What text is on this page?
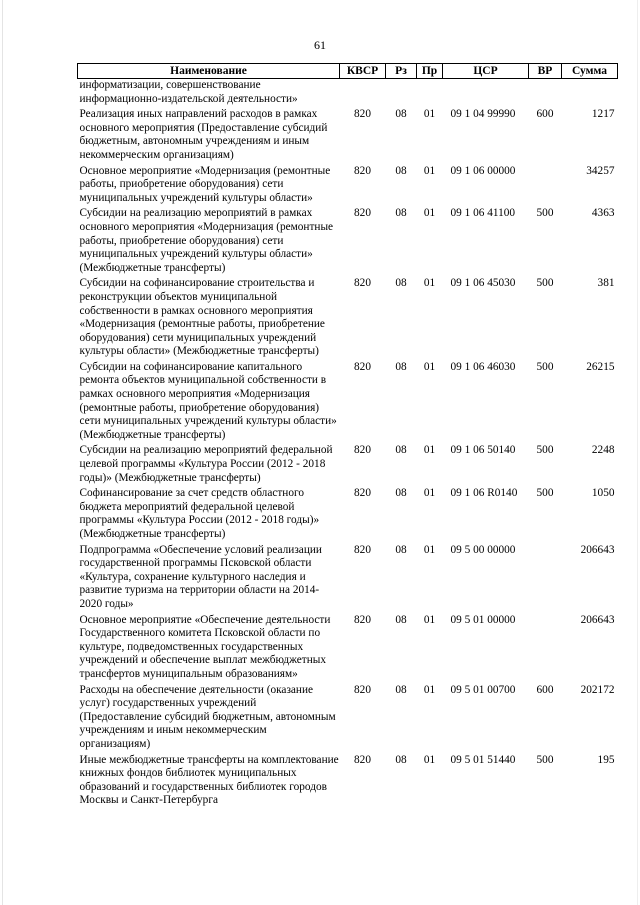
61
Наименование	КВСР	Рз	Пр	ЦСР	ВР	Сумма
информатизации, совершенствование информационно-издательской деятельности»						
Реализация иных направлений расходов в рамках основного мероприятия (Предоставление субсидий бюджетным, автономным учреждениям и иным некоммерческим организациям)	820	08	01	09 1 04 99990	600	1217
Основное мероприятие «Модернизация (ремонтные работы, приобретение оборудования) сети муниципальных учреждений культуры области»	820	08	01	09 1 06 00000		34257
Субсидии на реализацию мероприятий в рамках основного мероприятия «Модернизация (ремонтные работы, приобретение оборудования) сети муниципальных учреждений культуры области» (Межбюджетные трансферты)	820	08	01	09 1 06 41100	500	4363
Субсидии на софинансирование строительства и реконструкции объектов муниципальной собственности в рамках основного мероприятия «Модернизация (ремонтные работы, приобретение оборудования) сети муниципальных учреждений культуры области» (Межбюджетные трансферты)	820	08	01	09 1 06 45030	500	381
Субсидии на софинансирование капитального ремонта объектов муниципальной собственности в рамках основного мероприятия «Модернизация (ремонтные работы, приобретение оборудования) сети муниципальных учреждений культуры области» (Межбюджетные трансферты)	820	08	01	09 1 06 46030	500	26215
Субсидии на реализацию мероприятий федеральной целевой программы «Культура России (2012 - 2018 годы)» (Межбюджетные трансферты)	820	08	01	09 1 06 50140	500	2248
Софинансирование за счет средств областного бюджета мероприятий федеральной целевой программы «Культура России (2012 - 2018 годы)» (Межбюджетные трансферты)	820	08	01	09 1 06 R0140	500	1050
Подпрограмма «Обеспечение условий реализации государственной программы Псковской области «Культура, сохранение культурного наследия и развитие туризма на территории области на 2014-2020 годы»	820	08	01	09 5 00 00000		206643
Основное мероприятие «Обеспечение деятельности Государственного комитета Псковской области по культуре, подведомственных государственных учреждений и обеспечение выплат межбюджетных трансфертов муниципальным образованиям»	820	08	01	09 5 01 00000		206643
Расходы на обеспечение деятельности (оказание услуг) государственных учреждений (Предоставление субсидий бюджетным, автономным учреждениям и иным некоммерческим организациям)	820	08	01	09 5 01 00700	600	202172
Иные межбюджетные трансферты на комплектование книжных фондов библиотек муниципальных образований и государственных библиотек городов Москвы и Санкт-Петербурга	820	08	01	09 5 01 51440	500	195
